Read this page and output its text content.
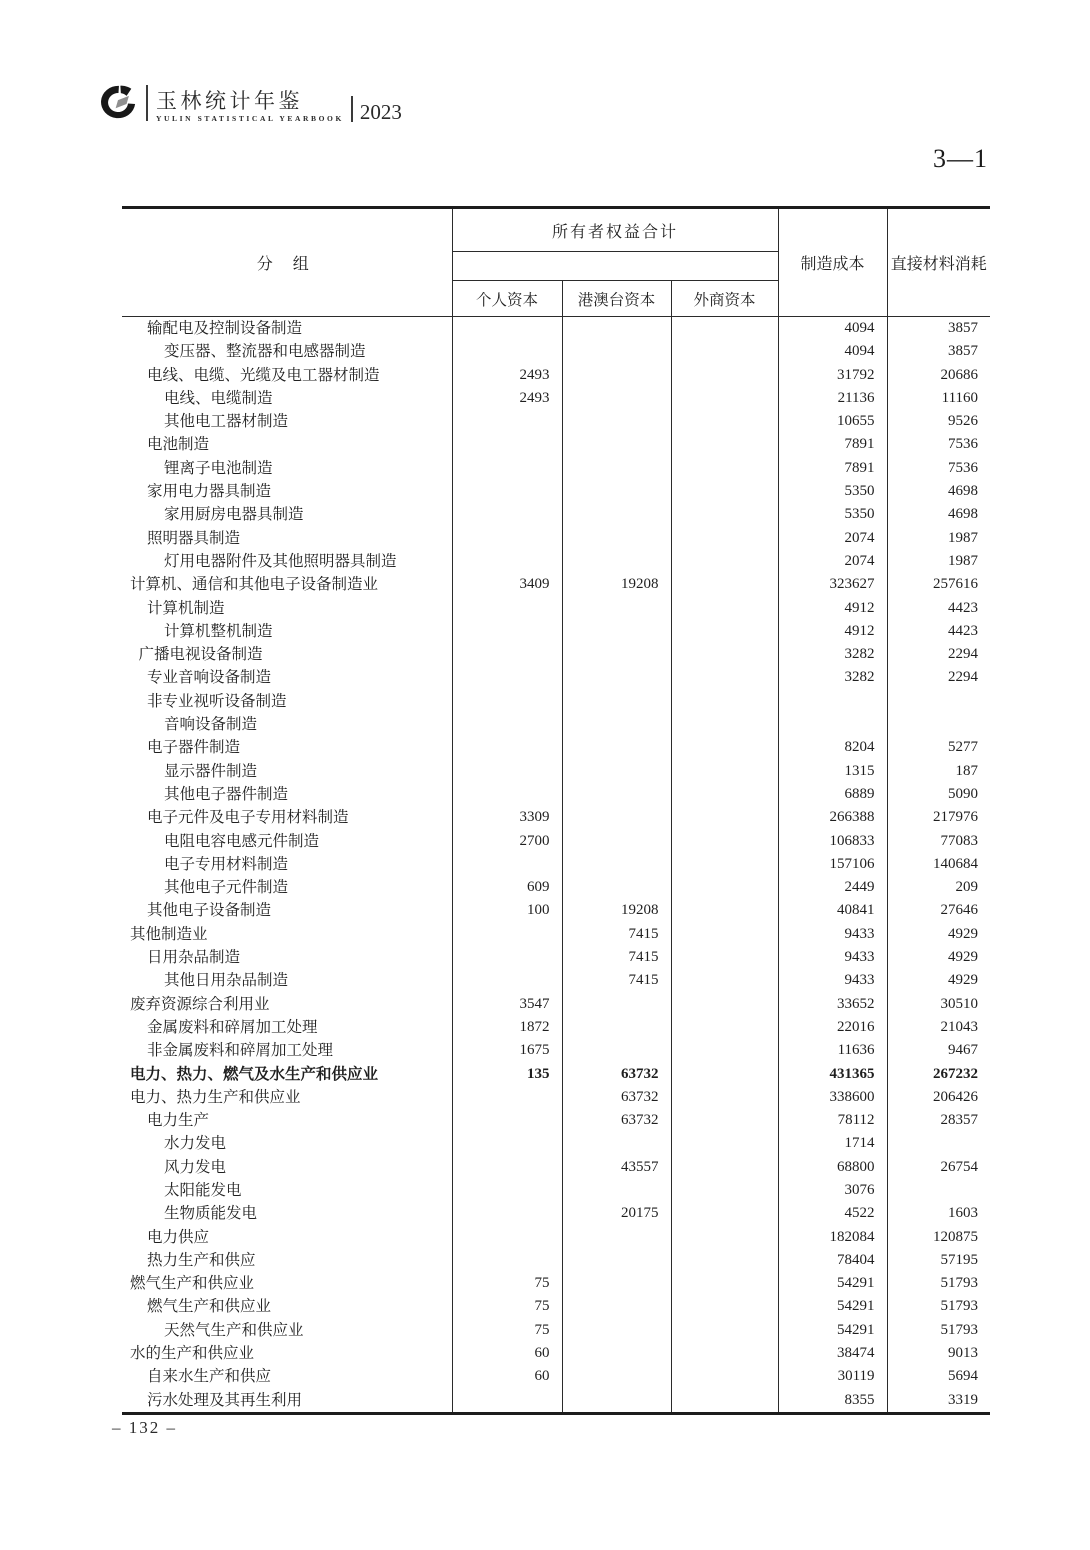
玉林统计年鉴
YULIN STATISTICAL YEARBOOK 2023
3—1
分 组	所有者权益合计			制造成本	直接材料消耗

	个人资本	港澳台资本	外商资本		
输配电及控制设备制造				4094	3857
变压器、整流器和电感器制造				4094	3857
电线、电缆、光缆及电工器材制造	2493			31792	20686
电线、电缆制造	2493			21136	11160
其他电工器材制造				10655	9526
电池制造				7891	7536
锂离子电池制造				7891	7536
家用电力器具制造				5350	4698
家用厨房电器具制造				5350	4698
照明器具制造				2074	1987
灯用电器附件及其他照明器具制造				2074	1987
计算机、通信和其他电子设备制造业	3409	19208		323627	257616
计算机制造				4912	4423
计算机整机制造				4912	4423
广播电视设备制造				3282	2294
专业音响设备制造				3282	2294
非专业视听设备制造					
音响设备制造					
电子器件制造				8204	5277
显示器件制造				1315	187
其他电子器件制造				6889	5090
电子元件及电子专用材料制造	3309			266388	217976
电阻电容电感元件制造	2700			106833	77083
电子专用材料制造				157106	140684
其他电子元件制造	609			2449	209
其他电子设备制造	100	19208		40841	27646
其他制造业		7415		9433	4929
日用杂品制造		7415		9433	4929
其他日用杂品制造		7415		9433	4929
废弃资源综合利用业	3547			33652	30510
金属废料和碎屑加工处理	1872			22016	21043
非金属废料和碎屑加工处理	1675			11636	9467
电力、热力、燃气及水生产和供应业	135	63732		431365	267232
电力、热力生产和供应业		63732		338600	206426
电力生产		63732		78112	28357
水力发电				1714	
风力发电		43557		68800	26754
太阳能发电				3076	
生物质能发电		20175		4522	1603
电力供应				182084	120875
热力生产和供应				78404	57195
燃气生产和供应业	75			54291	51793
燃气生产和供应业	75			54291	51793
天然气生产和供应业	75			54291	51793
水的生产和供应业	60			38474	9013
自来水生产和供应	60			30119	5694
污水处理及其再生利用				8355	3319
– 132 –
